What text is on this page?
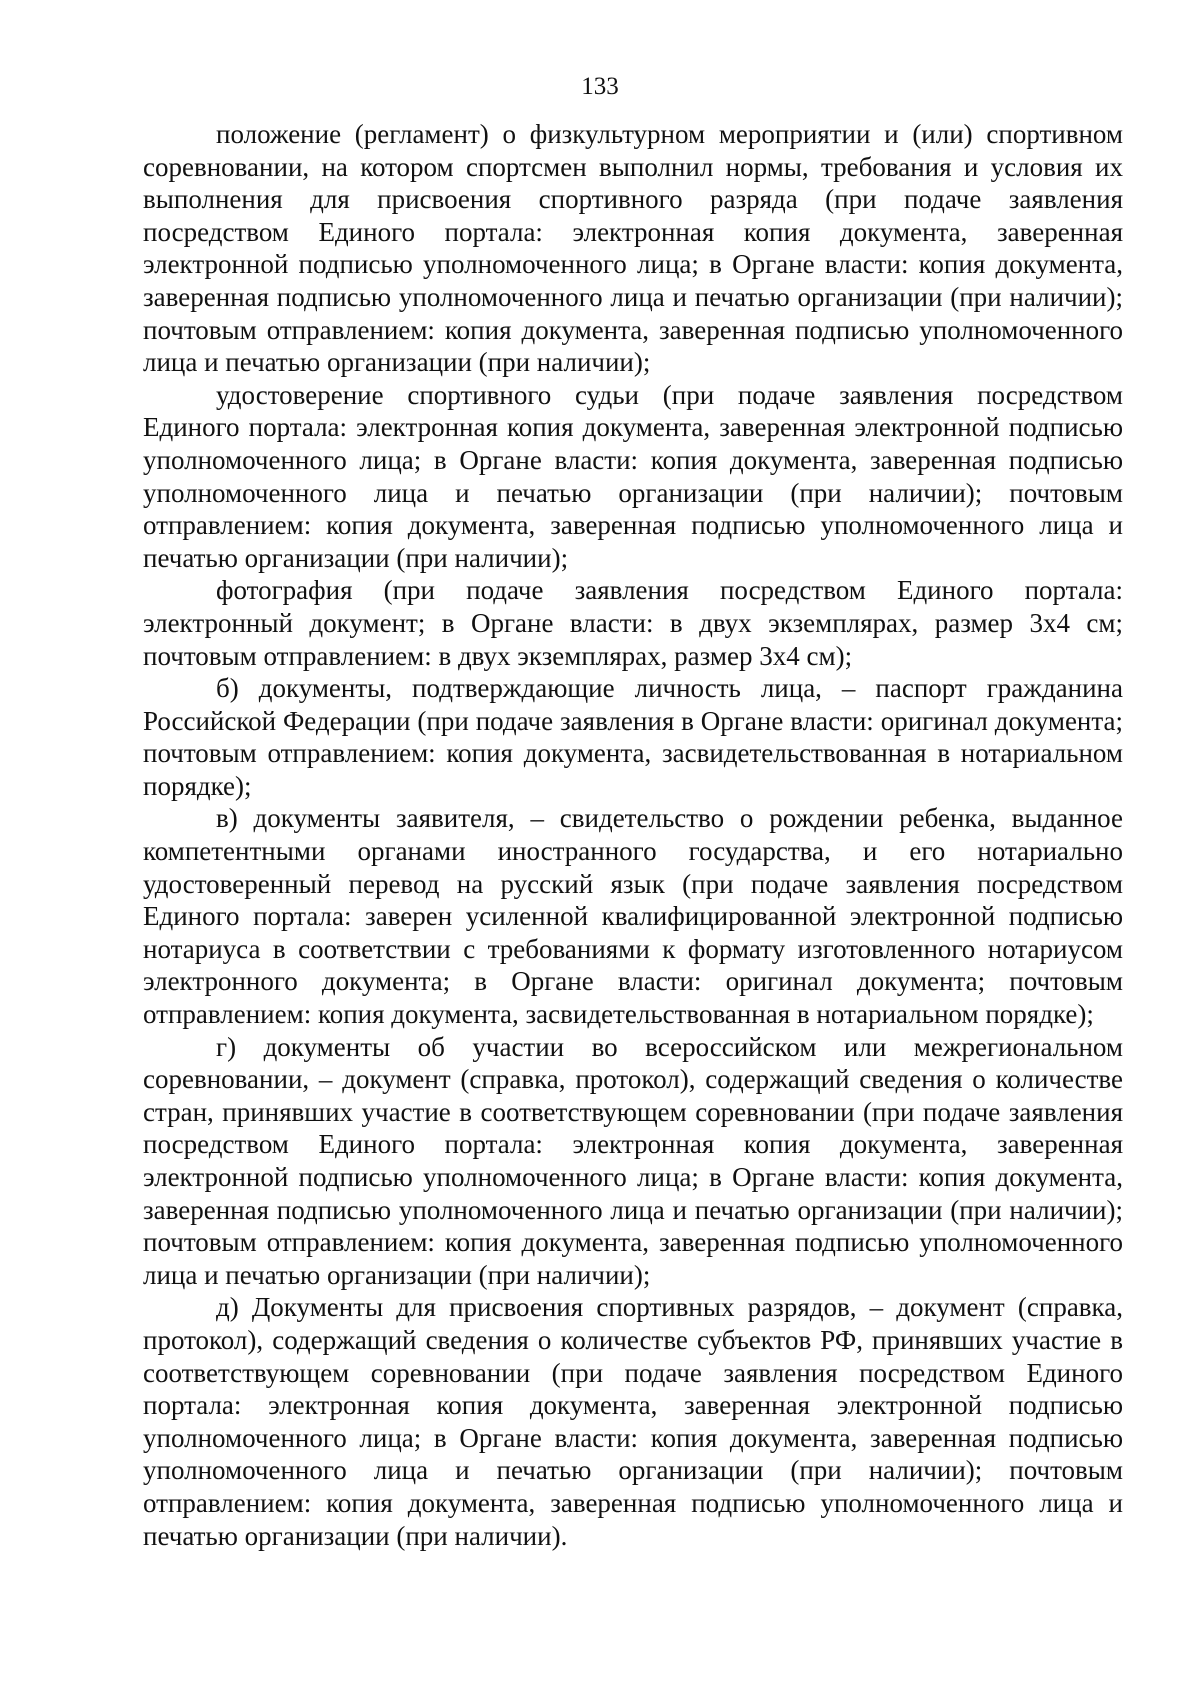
133

положение (регламент) о физкультурном мероприятии и (или) спортивном соревновании, на котором спортсмен выполнил нормы, требования и условия их выполнения для присвоения спортивного разряда (при подаче заявления посредством Единого портала: электронная копия документа, заверенная электронной подписью уполномоченного лица; в Органе власти: копия документа, заверенная подписью уполномоченного лица и печатью организации (при наличии); почтовым отправлением: копия документа, заверенная подписью уполномоченного лица и печатью организации (при наличии);

удостоверение спортивного судьи (при подаче заявления посредством Единого портала: электронная копия документа, заверенная электронной подписью уполномоченного лица; в Органе власти: копия документа, заверенная подписью уполномоченного лица и печатью организации (при наличии); почтовым отправлением: копия документа, заверенная подписью уполномоченного лица и печатью организации (при наличии);

фотография (при подаче заявления посредством Единого портала: электронный документ; в Органе власти: в двух экземплярах, размер 3х4 см; почтовым отправлением: в двух экземплярах, размер 3х4 см);

б) документы, подтверждающие личность лица, – паспорт гражданина Российской Федерации (при подаче заявления в Органе власти: оригинал документа; почтовым отправлением: копия документа, засвидетельствованная в нотариальном порядке);

в) документы заявителя, – свидетельство о рождении ребенка, выданное компетентными органами иностранного государства, и его нотариально удостоверенный перевод на русский язык (при подаче заявления посредством Единого портала: заверен усиленной квалифицированной электронной подписью нотариуса в соответствии с требованиями к формату изготовленного нотариусом электронного документа; в Органе власти: оригинал документа; почтовым отправлением: копия документа, засвидетельствованная в нотариальном порядке);

г) документы об участии во всероссийском или межрегиональном соревновании, – документ (справка, протокол), содержащий сведения о количестве стран, принявших участие в соответствующем соревновании (при подаче заявления посредством Единого портала: электронная копия документа, заверенная электронной подписью уполномоченного лица; в Органе власти: копия документа, заверенная подписью уполномоченного лица и печатью организации (при наличии); почтовым отправлением: копия документа, заверенная подписью уполномоченного лица и печатью организации (при наличии);

д) Документы для присвоения спортивных разрядов, – документ (справка, протокол), содержащий сведения о количестве субъектов РФ, принявших участие в соответствующем соревновании (при подаче заявления посредством Единого портала: электронная копия документа, заверенная электронной подписью уполномоченного лица; в Органе власти: копия документа, заверенная подписью уполномоченного лица и печатью организации (при наличии); почтовым отправлением: копия документа, заверенная подписью уполномоченного лица и печатью организации (при наличии).
